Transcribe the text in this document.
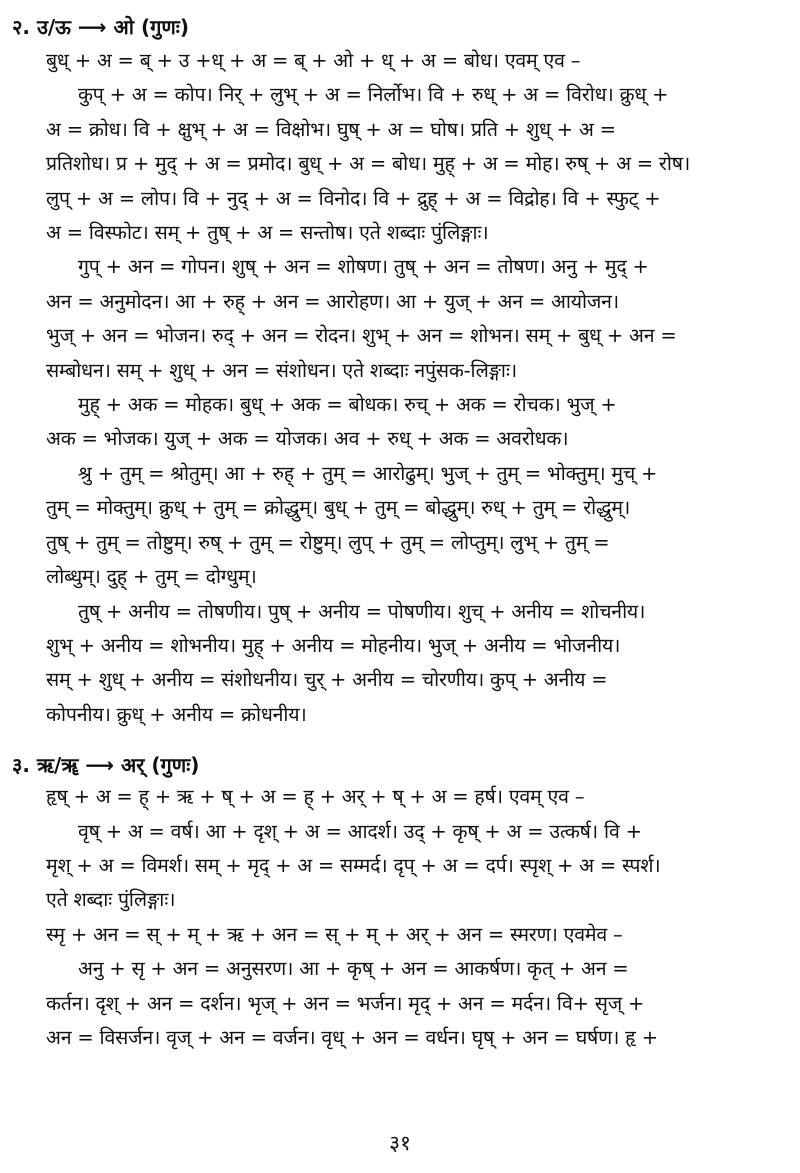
२. उ/ऊ ⟶ ओ (गुणः)
बुध् + अ = ब् + उ +ध् + अ = ब् + ओ + ध् + अ = बोध। एवम् एव –
कुप् + अ = कोप। निर् + लुभ् + अ = निर्लोभ। वि + रुध् + अ = विरोध। क्रुध् +
अ = क्रोध। वि + क्षुभ् + अ = विक्षोभ। घुष् + अ = घोष। प्रति + शुध् + अ =
प्रतिशोध। प्र + मुद् + अ = प्रमोद। बुध् + अ = बोध। मुह् + अ = मोह। रुष् + अ = रोष।
लुप् + अ = लोप। वि + नुद् + अ = विनोद। वि + द्रुह् + अ = विद्रोह। वि + स्फुट् +
अ = विस्फोट। सम् + तुष् + अ = सन्तोष। एते शब्दाः पुंलिङ्गाः।
गुप् + अन = गोपन। शुष् + अन = शोषण। तुष् + अन = तोषण। अनु + मुद् +
अन = अनुमोदन। आ + रुह् + अन = आरोहण। आ + युज् + अन = आयोजन।
भुज् + अन = भोजन। रुद् + अन = रोदन। शुभ् + अन = शोभन। सम् + बुध् + अन =
सम्बोधन। सम् + शुध् + अन = संशोधन। एते शब्दाः नपुंसक-लिङ्गाः।
मुह् + अक = मोहक। बुध् + अक = बोधक। रुच् + अक = रोचक। भुज् +
अक = भोजक। युज् + अक = योजक। अव + रुध् + अक = अवरोधक।
श्रु + तुम् = श्रोतुम्। आ + रुह् + तुम् = आरोढुम्। भुज् + तुम् = भोक्तुम्। मुच् +
तुम् = मोक्तुम्। क्रुध् + तुम् = क्रोद्धुम्। बुध् + तुम् = बोद्धुम्। रुध् + तुम् = रोद्धुम्।
तुष् + तुम् = तोष्टुम्। रुष् + तुम् = रोष्टुम्। लुप् + तुम् = लोप्तुम्। लुभ् + तुम् =
लोब्धुम्। दुह् + तुम् = दोग्धुम्।
तुष् + अनीय = तोषणीय। पुष् + अनीय = पोषणीय। शुच् + अनीय = शोचनीय।
शुभ् + अनीय = शोभनीय। मुह् + अनीय = मोहनीय। भुज् + अनीय = भोजनीय।
सम् + शुध् + अनीय = संशोधनीय। चुर् + अनीय = चोरणीय। कुप् + अनीय =
कोपनीय। क्रुध् + अनीय = क्रोधनीय।
३. ऋ/ॠ ⟶ अर् (गुणः)
हृष् + अ = ह् + ऋ + ष् + अ = ह् + अर् + ष् + अ = हर्ष। एवम् एव –
वृष् + अ = वर्ष। आ + दृश् + अ = आदर्श। उद् + कृष् + अ = उत्कर्ष। वि +
मृश् + अ = विमर्श। सम् + मृद् + अ = सम्मर्द। दृप् + अ = दर्प। स्पृश् + अ = स्पर्श।
एते शब्दाः पुंलिङ्गाः।
स्मृ + अन = स् + म् + ऋ + अन = स् + म् + अर् + अन = स्मरण। एवमेव –
अनु + सृ + अन = अनुसरण। आ + कृष् + अन = आकर्षण। कृत् + अन =
कर्तन। दृश् + अन = दर्शन। भृज् + अन = भर्जन। मृद् + अन = मर्दन। वि+ सृज् +
अन = विसर्जन। वृज् + अन = वर्जन। वृध् + अन = वर्धन। घृष् + अन = घर्षण। हृ +
३१
